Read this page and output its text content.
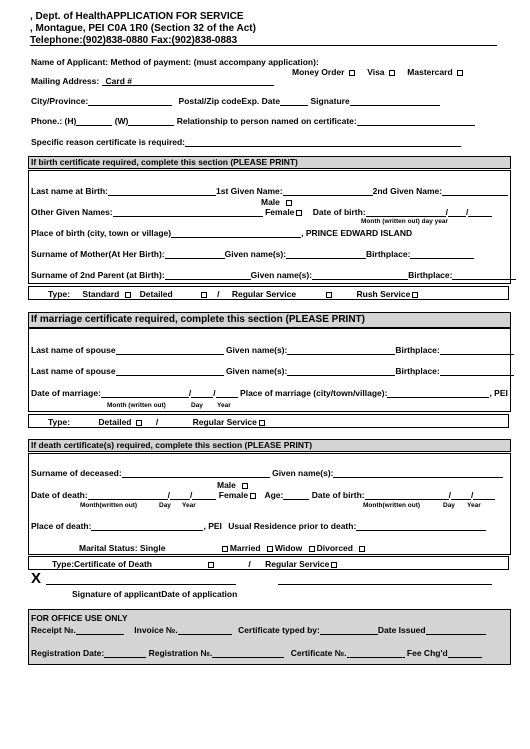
, Dept. of HealthAPPLICATION FOR SERVICE
, Montague, PEI C0A 1R0 (Section 32 of the Act)
Telephone:(902)838-0880 Fax:(902)838-0883
Name of Applicant: Method of payment: (must accompany application):
Money Order	Visa	Mastercard
Mailing Address: Card #
City/Province:	Postal/Zip codeExp. Date	Signature
Phone.: (H)	(W)	Relationship to person named on certificate:
Specific reason certificate is required:
If birth certificate required, complete this section (PLEASE PRINT)
Last name at Birth:	1st Given Name:	2nd Given Name:
Male
Other Given Names:	Female Date of birth:	/ /
Month (written out) day year
Place of birth (city, town or village)	, PRINCE EDWARD ISLAND
Surname of Mother(At Her Birth):	Given name(s):	Birthplace:
Surname of 2nd Parent (at Birth):	Given name(s):	Birthplace:
Type: Standard Detailed	/ Regular Service	Rush Service
If marriage certificate required, complete this section (PLEASE PRINT)
Last name of spouse	Given name(s):	Birthplace:
Last name of spouse	Given name(s):	Birthplace:
Date of marriage:	/	/	Place of marriage (city/town/village):	, PEI
Month (written out)	Day Year
Type:	Detailed	/	Regular Service
If death certificate(s) required, complete this section (PLEASE PRINT)
Surname of deceased:	Given name(s):
Male
Date of death:	/ /	Female Age:	Date of birth:	/ /
Month(written out)	Day Year	Month(written out)	Day Year
Place of death:	, PEI Usual Residence prior to death:
Marital Status: Single	Married Widow Divorced
Type:Certificate of Death	/ Regular Service
X
Signature of applicantDate of application
FOR OFFICE USE ONLY
Receipt №.	Invoice №.	Certificate typed by:	Date Issued
Registration Date:	Registration №.	Certificate №.	Fee Chg'd
